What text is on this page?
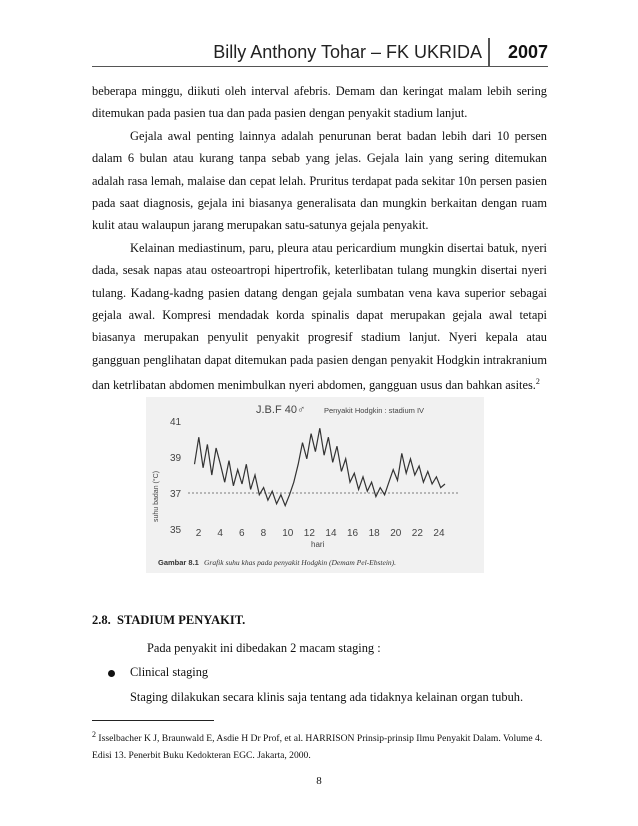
Billy Anthony Tohar – FK UKRIDA	2007

beberapa minggu, diikuti oleh interval afebris. Demam dan keringat malam lebih sering ditemukan pada pasien tua dan pada pasien dengan penyakit stadium lanjut.

Gejala awal penting lainnya adalah penurunan berat badan lebih dari 10 persen dalam 6 bulan atau kurang tanpa sebab yang jelas. Gejala lain yang sering ditemukan adalah rasa lemah, malaise dan cepat lelah. Pruritus terdapat pada sekitar 10n persen pasien pada saat diagnosis, gejala ini biasanya generalisata dan mungkin berkaitan dengan ruam kulit atau walaupun jarang merupakan satu-satunya gejala penyakit.

Kelainan mediastinum, paru, pleura atau pericardium mungkin disertai batuk, nyeri dada, sesak napas atau osteoartropi hipertrofik, keterlibatan tulang mungkin disertai nyeri tulang. Kadang-kadng pasien datang dengan gejala sumbatan vena kava superior sebagai gejala awal. Kompresi mendadak korda spinalis dapat merupakan gejala awal tetapi biasanya merupakan penyulit penyakit progresif stadium lanjut. Nyeri kepala atau gangguan penglihatan dapat ditemukan pada pasien dengan penyakit Hodgkin intrakranium dan ketrlibatan abdomen menimbulkan nyeri abdomen, gangguan usus dan bahkan asites.$^2$

J.B.F 40♂	Penyakit Hodgkin : stadium IV
suhu badan (°C)
35
37
39
41
2 4 6 8 10 12 14 16 18 20 22 24
hari
Gambar 8.1 Grafik suhu khas pada penyakit Hodgkin (Demam Pel-Ebstein).
2.8. STADIUM PENYAKIT.
Pada penyakit ini dibedakan 2 macam staging :
Clinical staging
Staging dilakukan secara klinis saja tentang ada tidaknya kelainan organ tubuh.
$^2$ Isselbacher K J, Braunwald E, Asdie H Dr Prof, et al. HARRISON Prinsip-prinsip Ilmu Penyakit Dalam. Volume 4. Edisi 13. Penerbit Buku Kedokteran EGC. Jakarta, 2000.
8
